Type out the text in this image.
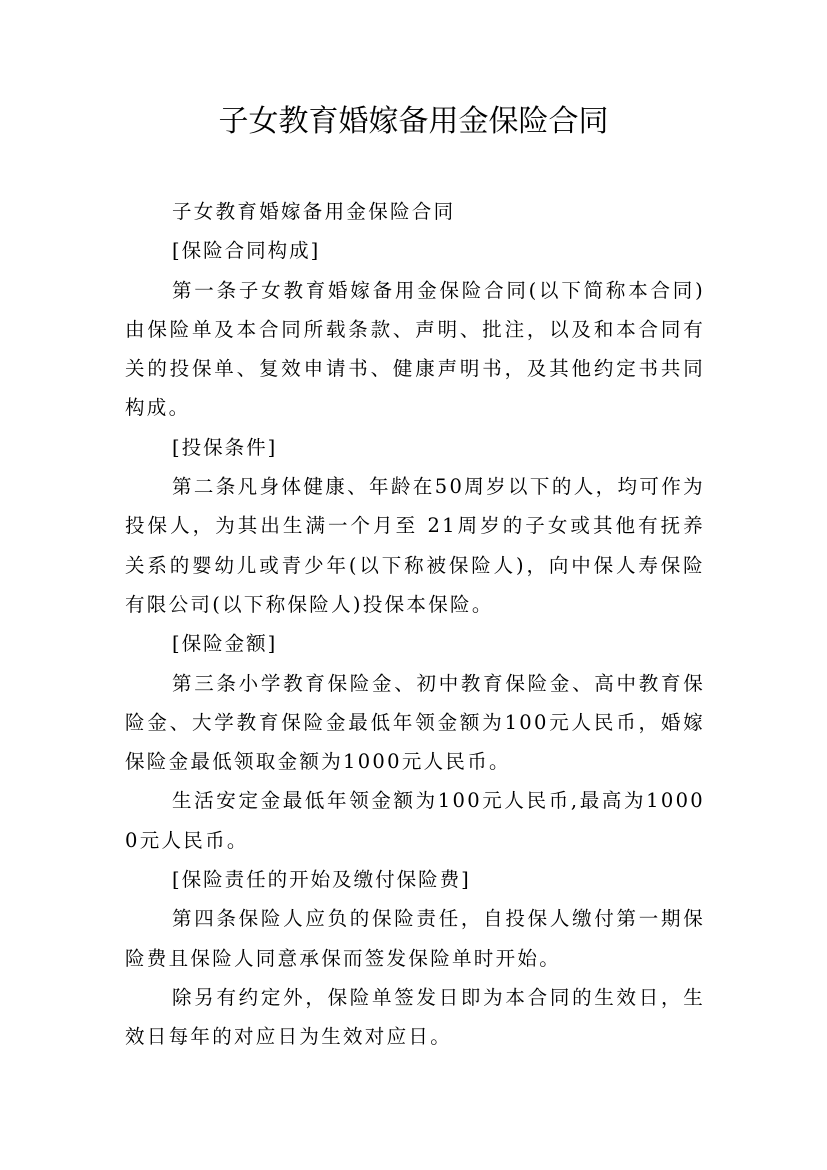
子女教育婚嫁备用金保险合同

子女教育婚嫁备用金保险合同

[保险合同构成]

第一条子女教育婚嫁备用金保险合同(以下简称本合同)由保险单及本合同所载条款、声明、批注，以及和本合同有关的投保单、复效申请书、健康声明书，及其他约定书共同构成。

[投保条件]

第二条凡身体健康、年龄在50周岁以下的人，均可作为投保人，为其出生满一个月至 21周岁的子女或其他有抚养关系的婴幼儿或青少年(以下称被保险人)，向中保人寿保险有限公司(以下称保险人)投保本保险。

[保险金额]

第三条小学教育保险金、初中教育保险金、高中教育保险金、大学教育保险金最低年领金额为100元人民币，婚嫁保险金最低领取金额为1000元人民币。

生活安定金最低年领金额为100元人民币,最高为10000元人民币。

[保险责任的开始及缴付保险费]

第四条保险人应负的保险责任，自投保人缴付第一期保险费且保险人同意承保而签发保险单时开始。

除另有约定外，保险单签发日即为本合同的生效日，生效日每年的对应日为生效对应日。
